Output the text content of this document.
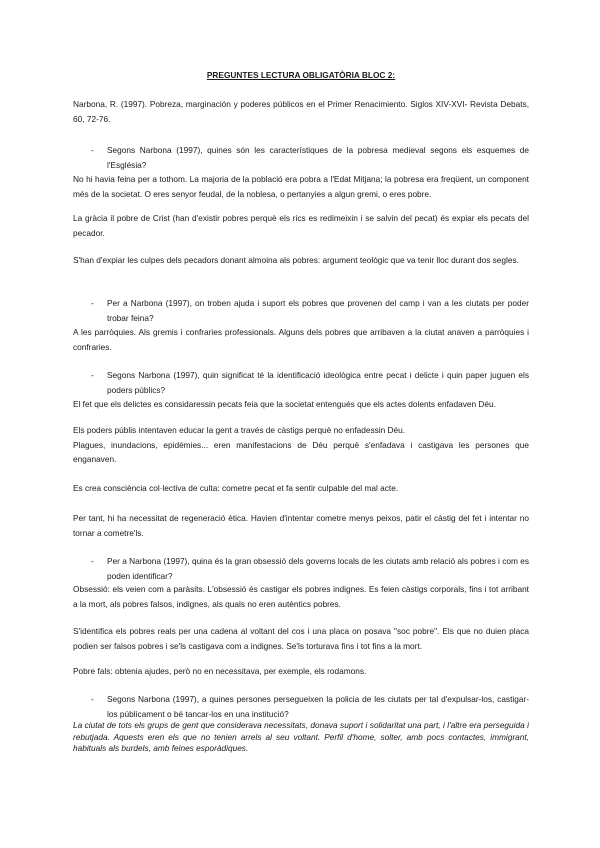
PREGUNTES LECTURA OBLIGATÒRIA BLOC 2:

Narbona, R. (1997). Pobreza, marginación y poderes públicos en el Primer Renacimiento. Siglos XIV-XVI- Revista Debats, 60, 72-76.

- Segons Narbona (1997), quines són les característiques de la pobresa medieval segons els esquemes de l'Església?

No hi havia feina per a tothom. La majoria de la població era pobra a l'Edat Mitjana; la pobresa era freqüent, un component més de la societat. O eres senyor feudal, de la noblesa, o pertanyies a algun gremi, o eres pobre.

La gràcia il pobre de Crist (han d'existir pobres perquè els rics es redimeixin i se salvin del pecat) és expiar els pecats del pecador.

S'han d'expiar les culpes dels pecadors donant almoina als pobres: argument teològic que va tenir lloc durant dos segles.

- Per a Narbona (1997), on troben ajuda i suport els pobres que provenen del camp i van a les ciutats per poder trobar feina?

A les parròquies. Als gremis i confraries professionals. Alguns dels pobres que arribaven a la ciutat anaven a parròquies i confraries.

- Segons Narbona (1997), quin significat té la identificació ideològica entre pecat i delicte i quin paper juguen els poders públics?

El fet que els delictes es considaressin pecats feia que la societat entengués que els actes dolents enfadaven Déu.

Els poders públis intentaven educar la gent a través de càstigs perquè no enfadessin Déu.
Plagues, inundacions, epidèmies... eren manifestacions de Déu perquè s'enfadava i castigava les persones que enganaven.

Es crea consciència col·lectiva de culta: cometre pecat et fa sentir culpable del mal acte.

Per tant, hi ha necessitat de regeneració ètica. Havien d'intentar cometre menys peixos, patir el càstig del fet i intentar no tornar a cometre'ls.

- Per a Narbona (1997), quina és la gran obsessió dels governs locals de les ciutats amb relació als pobres i com es poden identificar?

Obsessió: els veien com a paràsits. L'obsessió és castigar els pobres indignes. Es feien càstigs corporals, fins i tot arribant a la mort, als pobres falsos, indignes, als quals no eren autèntics pobres.

S'identifica els pobres reals per una cadena al voltant del cos i una placa on posava "soc pobre". Els que no duien placa podien ser falsos pobres i se'ls castigava com a indignes. Se'ls torturava fins i tot fins a la mort.

Pobre fals: obtenia ajudes, però no en necessitava, per exemple, els rodamons.

- Segons Narbona (1997), a quines persones persegueixen la policia de les ciutats per tal d'expulsar-los, castigar-los públicament o bé tancar-los en una institució?

La ciutat de tots els grups de gent que considerava necessitats, donava suport i solidaritat una part, i l'altre era perseguida i rebutjada. Aquests eren els que no tenien arrels al seu voltant. Perfil d'home, solter, amb pocs contactes, immigrant, habituals als burdels, amb feines esporàdiques.
